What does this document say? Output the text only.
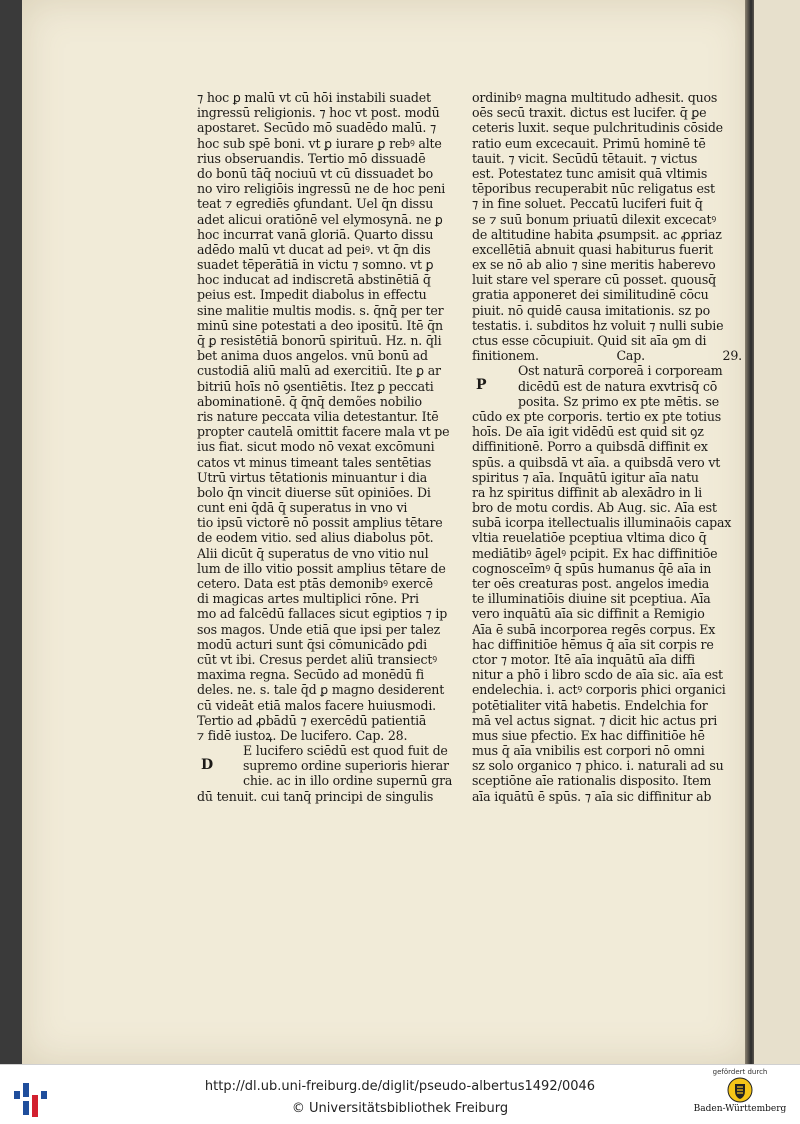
⁊ hoc ꝑ malū vt cū hōi instabili suadet
ingressū religionis. ⁊ hoc vt post. modū
apostaret. Secūdo mō suadēdo malū. ⁊
hoc sub spē boni. vt ꝑ iurare ꝑ rebꝰ alte
rius obseruandis. Tertio mō dissuadē
do bonū tāq̄ nociuū vt cū dissuadet bo
no viro religiōis ingressū ne de hoc peni
teat ⁊ egrediēs ꝯfundant. Uel q̄n dissu
adet alicui oratiōnē vel elymosynā. ne ꝑ
hoc incurrat vanā gloriā. Quarto dissu
adēdo malū vt ducat ad peiꝰ. vt q̄n dis
suadet tēperātiā in victu ⁊ somno. vt ꝑ
hoc inducat ad indiscretā abstinētiā q̄
peius est. Impedit diabolus in effectu
sine malitie multis modis. s. q̄nq̄ per ter
minū sine potestati a deo ipositū. Itē q̄n
q̄ ꝑ resistētiā bonorū spirituū. Hz. n. q̄li
bet anima duos angelos. vnū bonū ad
custodiā aliū malū ad exercitiū. Ite ꝑ ar
bitriū hoīs nō ꝯsentiētis. Itez ꝑ peccati
abominationē. q̄ q̄nq̄ demões nobilio
ris nature peccata vilia detestantur. Itē
propter cautelā omittit facere mala vt pe
ius fiat. sicut modo nō vexat excōmuni
catos vt minus timeant tales sentētias
Utrū virtus tētationis minuantur i dia
bolo q̄n vincit diuerse sūt opiniōes. Di
cunt eni q̄dā q̄ superatus in vno vi
tio ipsū victorē nō possit amplius tētare
de eodem vitio. sed alius diabolus pōt.
Alii dicūt q̄ superatus de vno vitio nul
lum de illo vitio possit amplius tētare de
cetero. Data est ptās demonibꝰ exercē
di magicas artes multiplici rōne. Pri
mo ad falcēdū fallaces sicut egiptios ⁊ ip
sos magos. Unde etiā que ipsi per talez
modū acturi sunt q̄si cōmunicādo ꝑdi
cūt vt ibi. Cresus perdet aliū transiectꝰ
maxima regna. Secūdo ad monēdū fi
deles. ne. s. tale q̄d ꝑ magno desiderent
cū videāt etiā malos facere huiusmodi.
Tertio ad ꝓbādū ⁊ exercēdū patientiā
⁊ fidē iustoꝝ. De lucifero. Cap. 28.
E lucifero sciēdū est quod fuit de
supremo ordine superioris hierar
chie. ac in illo ordine supernū gra
dū tenuit. cui tanq̄ principi de singulis
D
ordinibꝰ magna multitudo adhesit. quos
oēs secū traxit. dictus est lucifer. q̄ ꝑe
ceteris luxit. seque pulchritudinis cōside
ratio eum excecauit. Primū hominē tē
tauit. ⁊ vicit. Secūdū tētauit. ⁊ victus
est. Potestatez tunc amisit quā vltimis
tēporibus recuperabit nūc religatus est
⁊ in fine soluet. Peccatū luciferi fuit q̄
se ⁊ suū bonum priuatū dilexit excecatꝰ
de altitudine habita ꝓsumpsit. ac ꝓpriaz
excellētiā abnuit quasi habiturus fuerit
ex se nō ab alio ⁊ sine meritis haberevo
luit stare vel sperare cū posset. quousq̄
gratia apponeret dei similitudinē cōcu
piuit. nō quidē causa imitationis. sz po
testatis. i. subditos hz voluit ⁊ nulli subie
ctus esse cōcupiuit. Quid sit aīa ꝯm di
finitionem.	Cap.	29.
Ost naturā corporeā i corpoream
dicēdū est de natura exvtrisq̄ cō
posita. Sz primo ex pte mētis. se
cūdo ex pte corporis. tertio ex pte totius
hoīs. De aīa igit vidēdū est quid sit ꝯz
diffinitionē. Porro a quibsdā diffinit ex
spūs. a quibsdā vt aīa. a quibsdā vero vt
spiritus ⁊ aīa. Inquātū igitur aīa natu
ra hz spiritus diffinit ab alexādro in li
bro de motu cordis. Ab Aug. sic. Aīa est
subā icorpa itellectualis illuminaōis capax
vltia reuelatiōe pceptiua vltima dico q̄
mediātibꝰ āgelꝰ pcipit. Ex hac diffinitiōe
cognosceīmꝰ q̄ spūs humanus q̄ē aīa in
ter oēs creaturas post. angelos imedia
te illuminatiōis diuine sit pceptiua. Aīa
vero inquātū aīa sic diffinit a Remigio
Aīa ē subā incorporea regēs corpus. Ex
hac diffinitiōe hēmus q̄ aīa sit corpis re
ctor ⁊ motor. Itē aīa inquātū aīa diffi
nitur a phō i libro scdo de aīa sic. aīa est
endelechia. i. actꝰ corporis phici organici
potētialiter vitā habetis. Endelchia for
mā vel actus signat. ⁊ dicit hic actus pri
mus siue pfectio. Ex hac diffinitiōe hē
mus q̄ aīa vnibilis est corpori nō omni
sz solo organico ⁊ phico. i. naturali ad su
sceptiōne aīe rationalis disposito. Item
aīa iquātū ē spūs. ⁊ aīa sic diffinitur ab
P
http://dl.ub.uni-freiburg.de/diglit/pseudo-albertus1492/0046
© Universitätsbibliothek Freiburg
gefördert durch
Baden-Württemberg
